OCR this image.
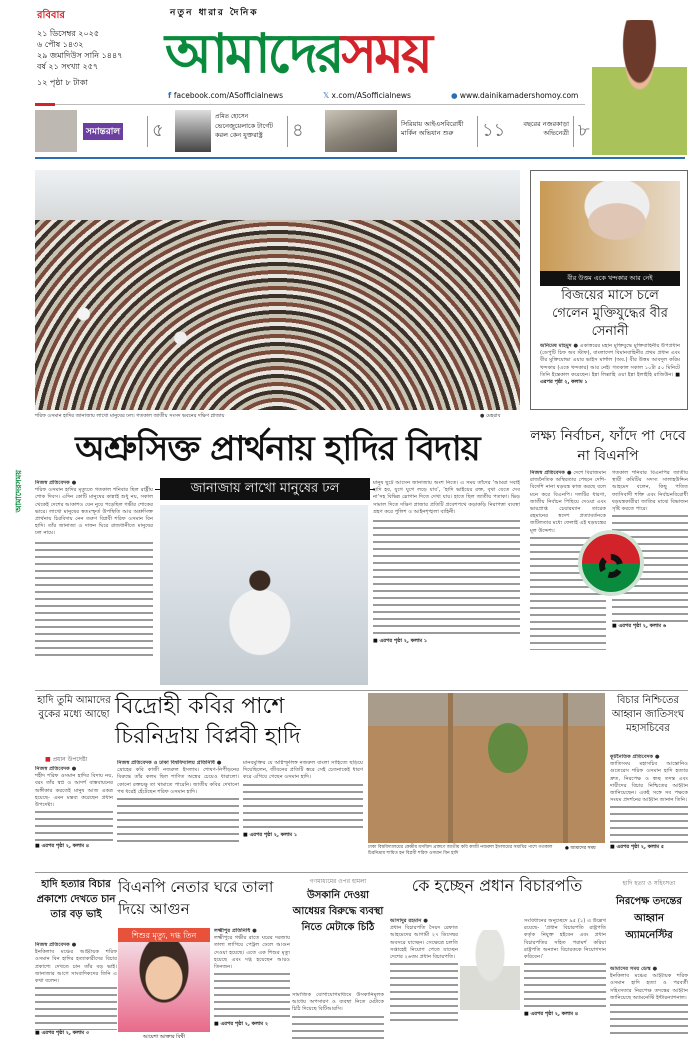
রবিবার
২১ ডিসেম্বর ২০২৫
৬ পৌষ ১৪৩২
২৯ জমাদিউস সানি ১৪৪৭
বর্ষ ২১ সংখ্যা ২৫৭
১২ পৃষ্ঠা ৮ টাকা
নতুন ধারার দৈনিক
আমাদেরসময়
f facebook.com/ASofficialnews	𝕏 x.com/ASofficialnews	● www.dainikamadershomoy.com
সমান্তরাল ৫
প্রমিত হোসেন
ভেনেজুয়েলাকে টার্গেট করল কেন যুক্তরাষ্ট্র	৪	সিরিয়ায় আইএসবিরোধী মার্কিন অভিযান শুরু	১১	বছরের নজরকাড়া অভিনেত্রী ৮
আমাদেরসময়
শরিফ ওসমান হাদির জানাজায় লাখো মানুষের ঢল। গতকাল জাতীয় সংসদ ভবনের দক্ষিণ প্লাজায়	● মেহরাব
বীর উত্তম একে খন্দকার আর নেই
বিজয়ের মাসে চলে গেলেন মুক্তিযুদ্ধের বীর সেনানী
অনিমেষ মাহমুদ ● একাত্তরের মহান মুক্তিযুদ্ধে মুক্তিবাহিনীর উপপ্রধান (ডেপুটি চিফ অব স্টাফ), বাংলাদেশ বিমানবাহিনীর প্রথম প্রধান এবং বীর মুক্তিযোদ্ধা এয়ার ভাইস মার্শাল (অব.) বীর উত্তম আবদুল করিম খন্দকার (একে খন্দকার) আর নেই। গতকাল সকাল ১০টা ৫০ মিনিটে তিনি ইন্তেকাল করেছেন। ইন্না লিল্লাহি ওয়া ইন্না ইলাইহি রাজিউন। ■ এরপর পৃষ্ঠা ২, কলাম ১
অশ্রুসিক্ত প্রার্থনায় হাদির বিদায়
জানাজায় লাখো মানুষের ঢল
নিজস্ব প্রতিবেদক ●
শরিফ ওসমান হাদির মৃত্যুতে গতকাল শনিবার ছিল রাষ্ট্রীয় শোক দিবস। এদিন কোটি মানুষের কান্নাই শুধু নয়, সকাল থেকেই দেশের আকাশও যেন নুয়ে পড়েছিল গভীর শোকের ভারে। লাখো মানুষের স্বতঃস্ফূর্ত উপস্থিতি আর অশ্রুসিক্ত প্রার্থনায় চিরবিদায় নেন তরুণ বিপ্লবী শরিফ ওসমান বিন হাদি। তাঁর জানাজা ও দাফন ঘিরে রাজধানীতে মানুষের ঢল নামে।
মানুষ ছুটে আসেন জানাজায় অংশ নিতে। এ সময় তাঁদের ‘আমরা সবাই হাদি হব, যুগে যুগে লড়ে যাব’, ‘হাদি ভাইয়ের রক্ত, বৃথা যেতে দেব না’সহ বিভিন্ন স্লোগান দিতে দেখা যায়। হাতে ছিল জাতীয় পতাকা। ভিড় সামাল দিতে দক্ষিণ প্লাজার প্রতিটি প্রবেশপথে কড়াকড়ি নিরাপত্তা ব্যবস্থা গ্রহণ করে পুলিশ ও আইনশৃঙ্খলা বাহিনী।
■ এরপর পৃষ্ঠা ২, কলাম ১
লক্ষ্য নির্বাচন, ফাঁদে পা দেবে না বিএনপি
নিজস্ব প্রতিবেদক ● দেশে বিরাজমান রাজনৈতিক অস্থিরতার পেছনে দেশি-বিদেশি নানা ষড়যন্ত্র কাজ করছে বলে মনে করে বিএনপি। দলটির ধারণা, জাতীয় নির্বাচন পিছিয়ে দেওয়া এবং ভারপ্রাপ্ত চেয়ারম্যান তারেক রহমানের স্বদেশ প্রত্যাবর্তনকে জটিলতার মধ্যে ফেলাই এই ষড়যন্ত্রের মূল উদ্দেশ্য।
গতকাল শনিবার বিএনপির জাতীয় স্থায়ী কমিটির সদস্য সালাহউদ্দিন আহমেদ বলেন, কিছু পতিত ফ্যাসিবাদী শক্তি এবং নির্বাচনবিরোধী ষড়যন্ত্রকারীরা জাতির মাঝে বিভাজন সৃষ্টি করতে পারে।
■ এরপর পৃষ্ঠা ২, কলাম ৬
হাদি তুমি আমাদের বুকের মধ্যে আছো
■ প্রধান উপদেষ্টা
নিজস্ব প্রতিবেদক ●
শহীদ শরিফ ওসমান হাদির বিদায় নয়, বরং তাঁর স্বপ্ন ও আদর্শ বাস্তবায়নের অঙ্গীকার করতেই মানুষ আজ একত্র হয়েছে- এমন মন্তব্য করেছেন প্রধান উপদেষ্টা।
■ এরপর পৃষ্ঠা ২, কলাম ৪
বিদ্রোহী কবির পাশে চিরনিদ্রায় বিপ্লবী হাদি
নিজস্ব প্রতিবেদক ও ঢাকা বিশ্ববিদ্যালয় প্রতিনিধি ●
দ্রোহের কবি কাজী নজরুল ইসলাম। শোষণ-নিপীড়নের বিরুদ্ধে তাঁর কলম ছিল শাণিত অস্ত্রের চেয়েও ধারালো। কোনো রক্তচক্ষু তা থামাতে পারেনি। জাতীয় কবির দেখানো পথ ধরেই হেঁটেছেন শরিফ ওসমান হাদি।
মানবমুক্তির যে অগ্নিস্ফুলিঙ্গ নজরুল বাংলা সাহিত্যে ছড়িয়ে দিয়েছিলেন, জীবনের প্রতিটি স্তরে সেই চেতনাকেই ধারণ করে এগিয়ে গেছেন ওসমান হাদি।
■ এরপর পৃষ্ঠা ২, কলাম ১
ঢাকা বিশ্ববিদ্যালয়ের কেন্দ্রীয় মসজিদ প্রাঙ্গণে জাতীয় কবি কাজী নজরুল ইসলামের সমাধির পাশে গতকাল চিরনিদ্রায় শায়িত হন বিপ্লবী শরিফ ওসমান বিন হাদি
● আমাদের সময়
বিচার নিশ্চিতের আহ্বান জাতিসংঘ মহাসচিবের
কূটনৈতিক প্রতিবেদক ●
জাতিসংঘ মহাসচিব আন্তোনিও গুতেরেস শরিফ ওসমান হাদি হত্যার দ্রুত, নিরপেক্ষ ও স্বচ্ছ তদন্ত এবং দায়ীদের বিচার নিশ্চিতের আহ্বান জানিয়েছেন। একই সঙ্গে সব পক্ষকে সংযম প্রদর্শনের আহ্বান জানান তিনি।
■ এরপর পৃষ্ঠা ২, কলাম ৫
হাদি হত্যার বিচার প্রকাশ্যে দেখতে চান তার বড় ভাই
নিজস্ব প্রতিবেদক ●
ইনকিলাব মঞ্চের আহ্বায়ক শরিফ ওসমান বিন হাদির হত্যাকারীদের বিচার প্রকাশ্যে দেখতে চান তাঁর বড় ভাই। জানাজার আগে সাংবাদিকদের তিনি এ কথা বলেন।
■ এরপর পৃষ্ঠা ২, কলাম ৩
বিএনপি নেতার ঘরে তালা দিয়ে আগুন
শিশুর মৃত্যু, দগ্ধ তিন
আয়েশা আক্তার বিথী
লক্ষ্মীপুর প্রতিনিধি ●
লক্ষ্মীপুরে গভীর রাতে ঘরের দরজায় তালা লাগিয়ে পেট্রল ঢেলে আগুন দেওয়া হয়েছে। এতে এক শিশুর মৃত্যু হয়েছে এবং দগ্ধ হয়েছেন আরও তিনজন।
■ এরপর পৃষ্ঠা ২, কলাম ২
গণমাধ্যমের ওপর হামলা
উসকানি দেওয়া আধেয়র বিরুদ্ধে ব্যবস্থা নিতে মেটাকে চিঠি
সামাজিক যোগাযোগমাধ্যমে উসকানিমূলক আধেয় অপসারণ ও ব্যবস্থা নিতে মেটাকে চিঠি দিয়েছে বিটিআরসি।
কে হচ্ছেন প্রধান বিচারপতি
আসাদুর রহমান ●
প্রধান বিচারপতি সৈয়দ রেফাত আহমেদের আগামী ২৭ ডিসেম্বর অবসরে যাচ্ছেন। সেক্ষেত্রে চলতি সপ্তাহেই নিয়োগ পেতে যাচ্ছেন দেশের ২৬তম প্রধান বিচারপতি।
সংবিধানের অনুচ্ছেদে ৯৫ (১) এ উল্লেখ রয়েছে- ‘প্রধান বিচারপতি রাষ্ট্রপতি কর্তৃক নিযুক্ত হইবেন এবং প্রধান বিচারপতির সহিত পরামর্শ করিয়া রাষ্ট্রপতি অন্যান্য বিচারককে নিয়োগদান করিবেন।’
■ এরপর পৃষ্ঠা ২, কলাম ৪
হাদি হত্যা ও সহিংসতা
নিরপেক্ষ তদন্তের আহ্বান অ্যামনেস্টির
আমাদের সময় ডেস্ক ●
ইনকিলাব মঞ্চের আহ্বায়ক শরিফ ওসমান হাদি হত্যা ও পরবর্তী সহিংসতার নিরপেক্ষ তদন্তের আহ্বান জানিয়েছে অ্যামনেস্টি ইন্টারন্যাশনাল।
